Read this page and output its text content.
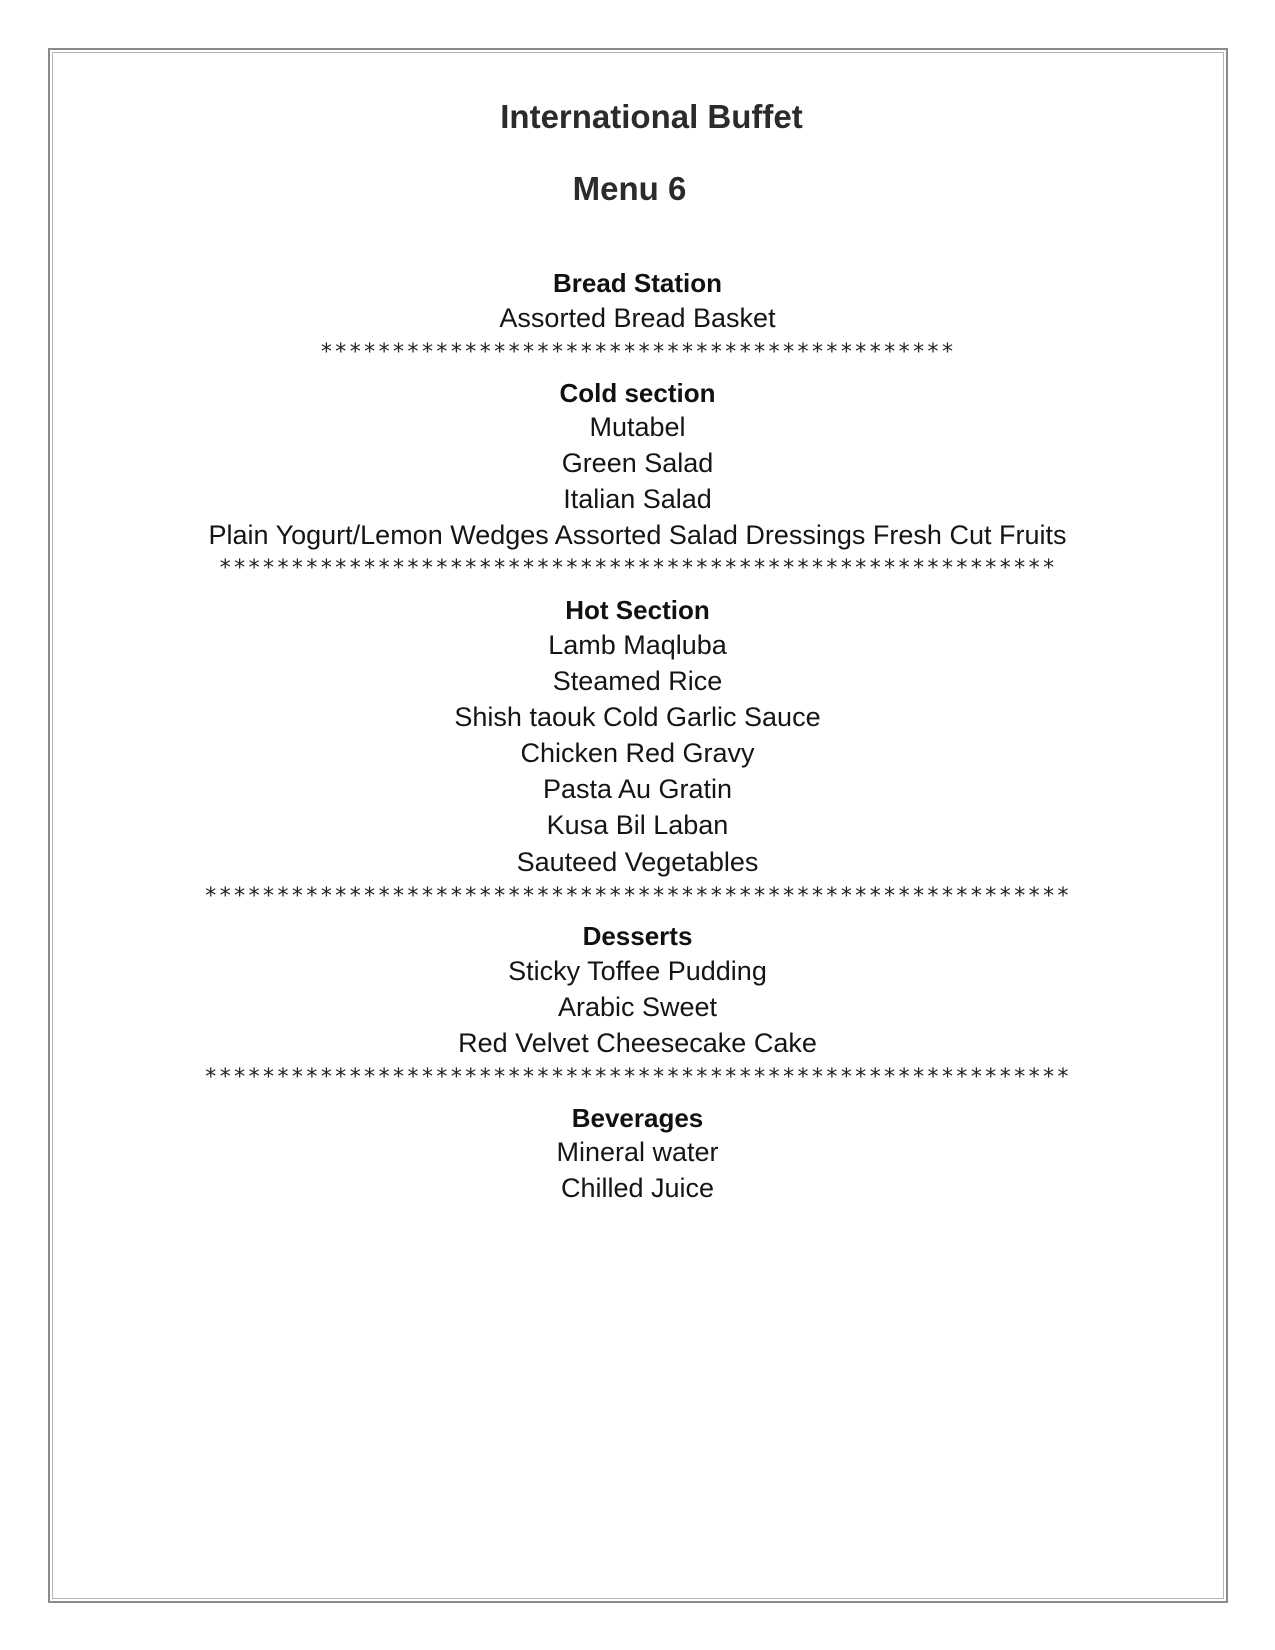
International Buffet
Menu 6
Bread Station
Assorted Bread Basket
********************************************
Cold section
Mutabel
Green Salad
Italian Salad
Plain Yogurt/Lemon Wedges Assorted Salad Dressings Fresh Cut Fruits
**********************************************************
Hot Section
Lamb Maqluba
Steamed Rice
Shish taouk Cold Garlic Sauce
Chicken Red Gravy
Pasta Au Gratin
Kusa Bil Laban
Sauteed Vegetables
************************************************************
Desserts
Sticky Toffee Pudding
Arabic Sweet
Red Velvet Cheesecake Cake
************************************************************
Beverages
Mineral water
Chilled Juice
